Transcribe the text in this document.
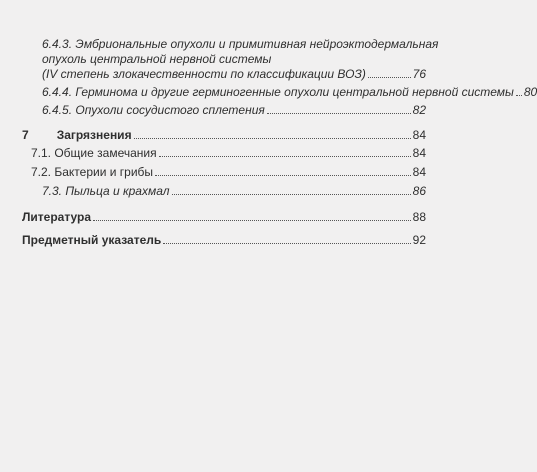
6.4.3. Эмбриональные опухоли и примитивная нейроэктодермальная
опухоль центральной нервной системы
(IV степень злокачественности по классификации ВОЗ)	76
6.4.4. Герминома и другие герминогенные опухоли центральной нервной системы 80
6.4.5. Опухоли сосудистого сплетения	82
7 Загрязнения	84
7.1. Общие замечания	84
7.2. Бактерии и грибы	84
7.3. Пыльца и крахмал	86
Литература	88
Предметный указатель	92
